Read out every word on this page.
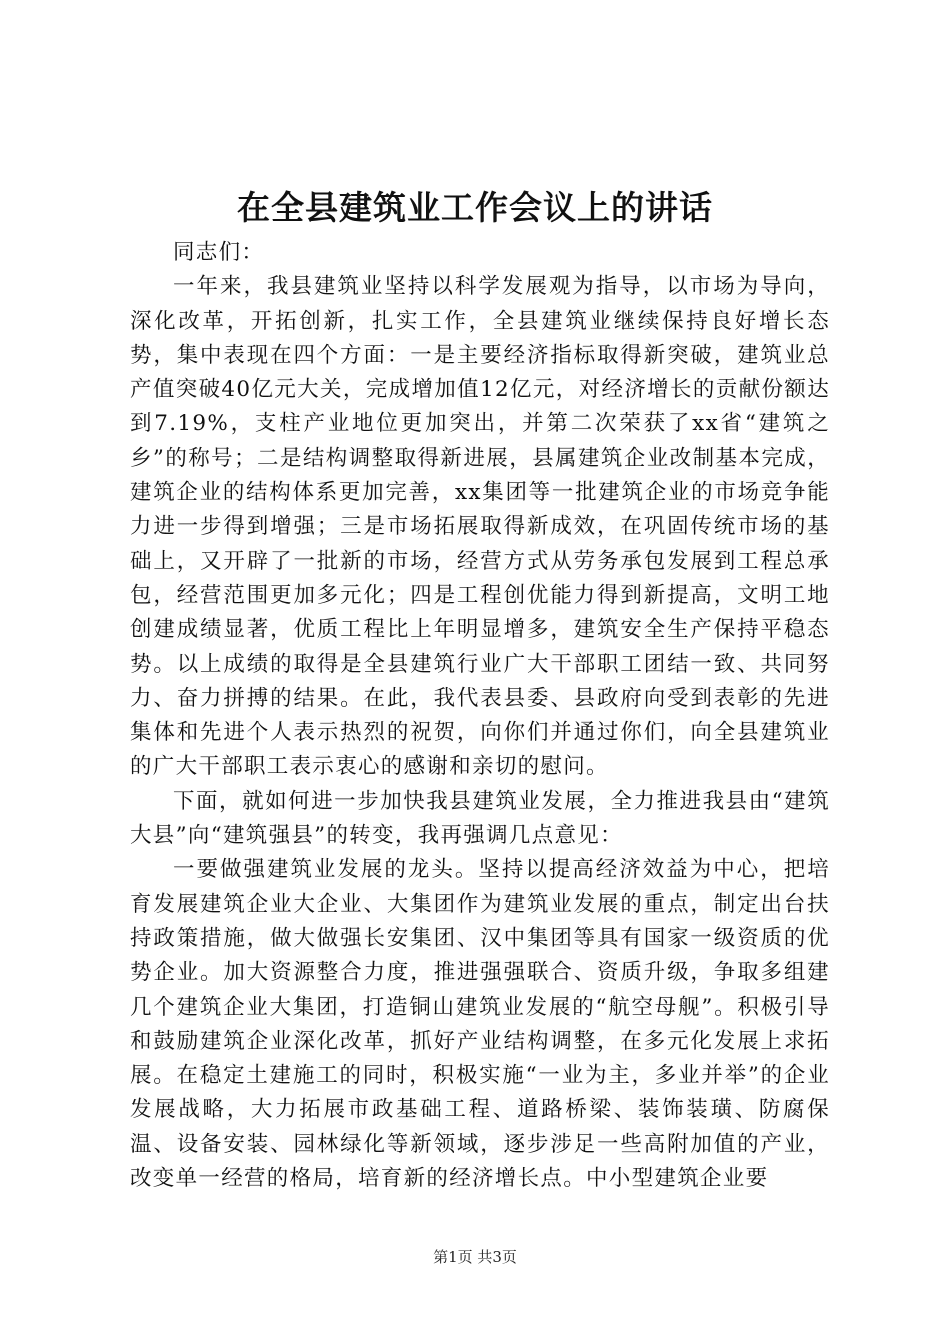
在全县建筑业工作会议上的讲话

同志们：

一年来，我县建筑业坚持以科学发展观为指导，以市场为导向，深化改革，开拓创新，扎实工作，全县建筑业继续保持良好增长态势，集中表现在四个方面：一是主要经济指标取得新突破，建筑业总产值突破40亿元大关，完成增加值12亿元，对经济增长的贡献份额达到7.19%，支柱产业地位更加突出，并第二次荣获了xx省“建筑之乡”的称号；二是结构调整取得新进展，县属建筑企业改制基本完成，建筑企业的结构体系更加完善，xx集团等一批建筑企业的市场竞争能力进一步得到增强；三是市场拓展取得新成效，在巩固传统市场的基础上，又开辟了一批新的市场，经营方式从劳务承包发展到工程总承包，经营范围更加多元化；四是工程创优能力得到新提高，文明工地创建成绩显著，优质工程比上年明显增多，建筑安全生产保持平稳态势。以上成绩的取得是全县建筑行业广大干部职工团结一致、共同努力、奋力拼搏的结果。在此，我代表县委、县政府向受到表彰的先进集体和先进个人表示热烈的祝贺，向你们并通过你们，向全县建筑业的广大干部职工表示衷心的感谢和亲切的慰问。

下面，就如何进一步加快我县建筑业发展，全力推进我县由“建筑大县”向“建筑强县”的转变，我再强调几点意见：

一要做强建筑业发展的龙头。坚持以提高经济效益为中心，把培育发展建筑企业大企业、大集团作为建筑业发展的重点，制定出台扶持政策措施，做大做强长安集团、汉中集团等具有国家一级资质的优势企业。加大资源整合力度，推进强强联合、资质升级，争取多组建几个建筑企业大集团，打造铜山建筑业发展的“航空母舰”。积极引导和鼓励建筑企业深化改革，抓好产业结构调整，在多元化发展上求拓展。在稳定土建施工的同时，积极实施“一业为主，多业并举”的企业发展战略，大力拓展市政基础工程、道路桥梁、装饰装璜、防腐保温、设备安装、园林绿化等新领域，逐步涉足一些高附加值的产业，改变单一经营的格局，培育新的经济增长点。中小型建筑企业要

第1页 共3页
